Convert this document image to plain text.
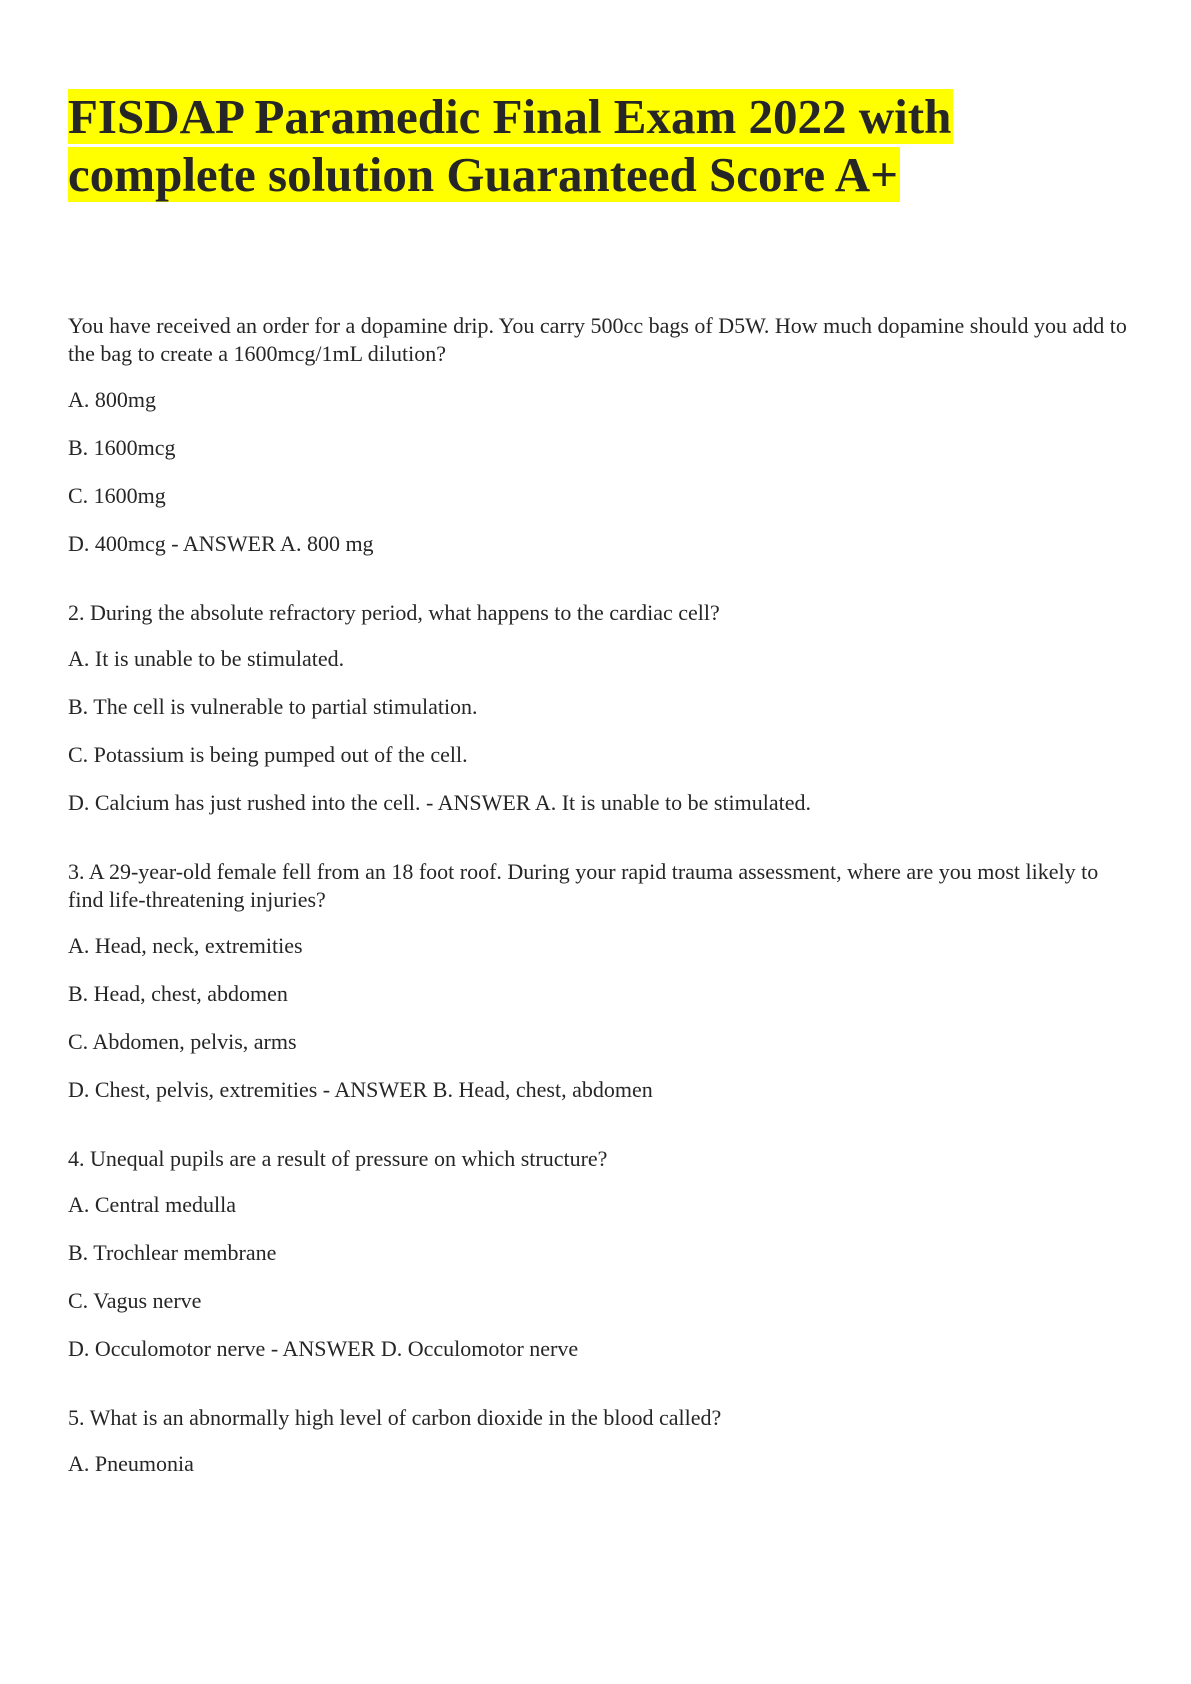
FISDAP Paramedic Final Exam 2022 with
complete solution Guaranteed Score A+

You have received an order for a dopamine drip. You carry 500cc bags of D5W. How much dopamine should you add to the bag to create a 1600mcg/1mL dilution?

A. 800mg

B. 1600mcg

C. 1600mg

D. 400mcg - ANSWER A. 800 mg

2. During the absolute refractory period, what happens to the cardiac cell?

A. It is unable to be stimulated.

B. The cell is vulnerable to partial stimulation.

C. Potassium is being pumped out of the cell.

D. Calcium has just rushed into the cell. - ANSWER A. It is unable to be stimulated.

3. A 29-year-old female fell from an 18 foot roof. During your rapid trauma assessment, where are you most likely to find life-threatening injuries?

A. Head, neck, extremities

B. Head, chest, abdomen

C. Abdomen, pelvis, arms

D. Chest, pelvis, extremities - ANSWER B. Head, chest, abdomen

4. Unequal pupils are a result of pressure on which structure?

A. Central medulla

B. Trochlear membrane

C. Vagus nerve

D. Occulomotor nerve - ANSWER D. Occulomotor nerve

5. What is an abnormally high level of carbon dioxide in the blood called?

A. Pneumonia
